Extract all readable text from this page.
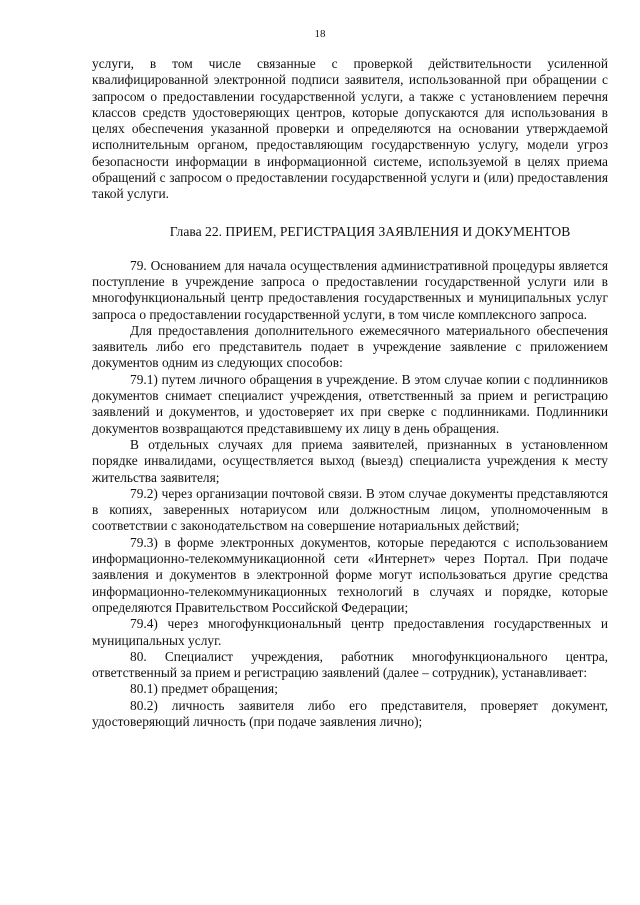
18

услуги, в том числе связанные с проверкой действительности усиленной квалифицированной электронной подписи заявителя, использованной при обращении с запросом о предоставлении государственной услуги, а также с установлением перечня классов средств удостоверяющих центров, которые допускаются для использования в целях обеспечения указанной проверки и определяются на основании утверждаемой исполнительным органом, предоставляющим государственную услугу, модели угроз безопасности информации в информационной системе, используемой в целях приема обращений с запросом о предоставлении государственной услуги и (или) предоставления такой услуги.

Глава 22. ПРИЕМ, РЕГИСТРАЦИЯ ЗАЯВЛЕНИЯ И ДОКУМЕНТОВ

79. Основанием для начала осуществления административной процедуры является поступление в учреждение запроса о предоставлении государственной услуги или в многофункциональный центр предоставления государственных и муниципальных услуг запроса о предоставлении государственной услуги, в том числе комплексного запроса.

Для предоставления дополнительного ежемесячного материального обеспечения заявитель либо его представитель подает в учреждение заявление с приложением документов одним из следующих способов:

79.1) путем личного обращения в учреждение. В этом случае копии с подлинников документов снимает специалист учреждения, ответственный за прием и регистрацию заявлений и документов, и удостоверяет их при сверке с подлинниками. Подлинники документов возвращаются представившему их лицу в день обращения.

В отдельных случаях для приема заявителей, признанных в установленном порядке инвалидами, осуществляется выход (выезд) специалиста учреждения к месту жительства заявителя;

79.2) через организации почтовой связи. В этом случае документы представляются в копиях, заверенных нотариусом или должностным лицом, уполномоченным в соответствии с законодательством на совершение нотариальных действий;

79.3) в форме электронных документов, которые передаются с использованием информационно-телекоммуникационной сети «Интернет» через Портал. При подаче заявления и документов в электронной форме могут использоваться другие средства информационно-телекоммуникационных технологий в случаях и порядке, которые определяются Правительством Российской Федерации;

79.4) через многофункциональный центр предоставления государственных и муниципальных услуг.

80. Специалист учреждения, работник многофункционального центра, ответственный за прием и регистрацию заявлений (далее – сотрудник), устанавливает:

80.1) предмет обращения;

80.2) личность заявителя либо его представителя, проверяет документ, удостоверяющий личность (при подаче заявления лично);
